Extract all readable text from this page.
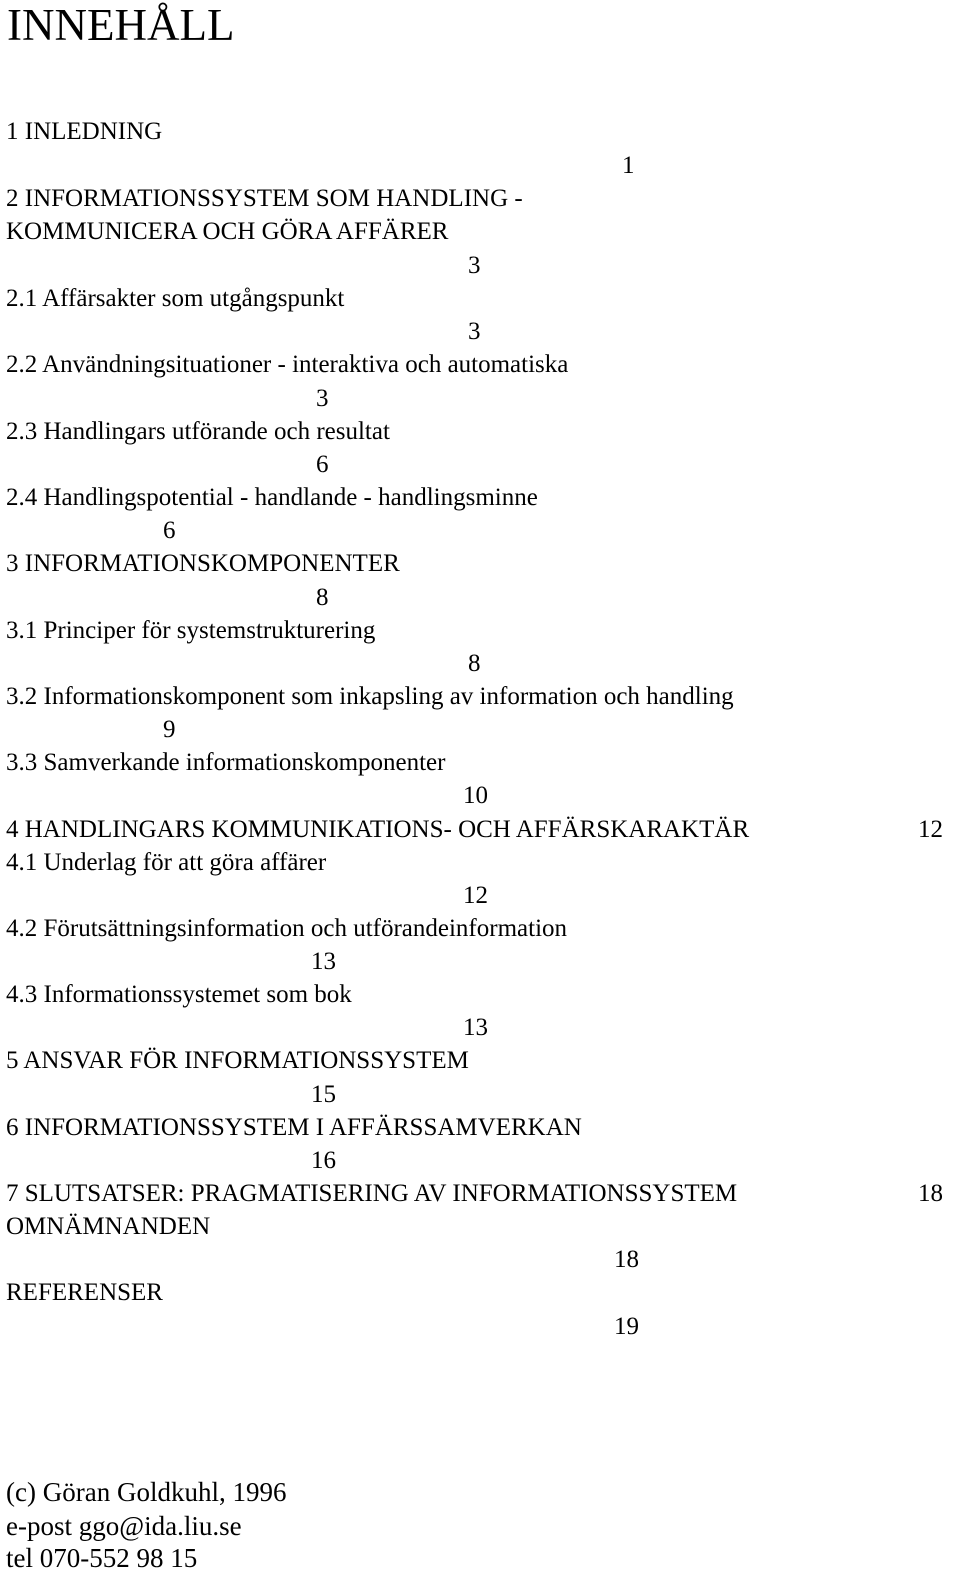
INNEHÅLL
1 INLEDNING
1
2 INFORMATIONSSYSTEM SOM HANDLING -
KOMMUNICERA OCH GÖRA AFFÄRER
3
2.1 Affärsakter som utgångspunkt
3
2.2 Användningsituationer - interaktiva och automatiska
3
2.3 Handlingars utförande och resultat
6
2.4 Handlingspotential - handlande - handlingsminne
6
3 INFORMATIONSKOMPONENTER
8
3.1 Principer för systemstrukturering
8
3.2 Informationskomponent som inkapsling av information och handling
9
3.3 Samverkande informationskomponenter
10
4 HANDLINGARS KOMMUNIKATIONS- OCH AFFÄRSKARAKTÄR	12
4.1 Underlag för att göra affärer
12
4.2 Förutsättningsinformation och utförandeinformation
13
4.3 Informationssystemet som bok
13
5 ANSVAR FÖR INFORMATIONSSYSTEM
15
6 INFORMATIONSSYSTEM I AFFÄRSSAMVERKAN
16
7 SLUTSATSER: PRAGMATISERING AV INFORMATIONSSYSTEM	18
OMNÄMNANDEN
18
REFERENSER
19
(c) Göran Goldkuhl, 1996
e-post ggo@ida.liu.se
tel 070-552 98 15
